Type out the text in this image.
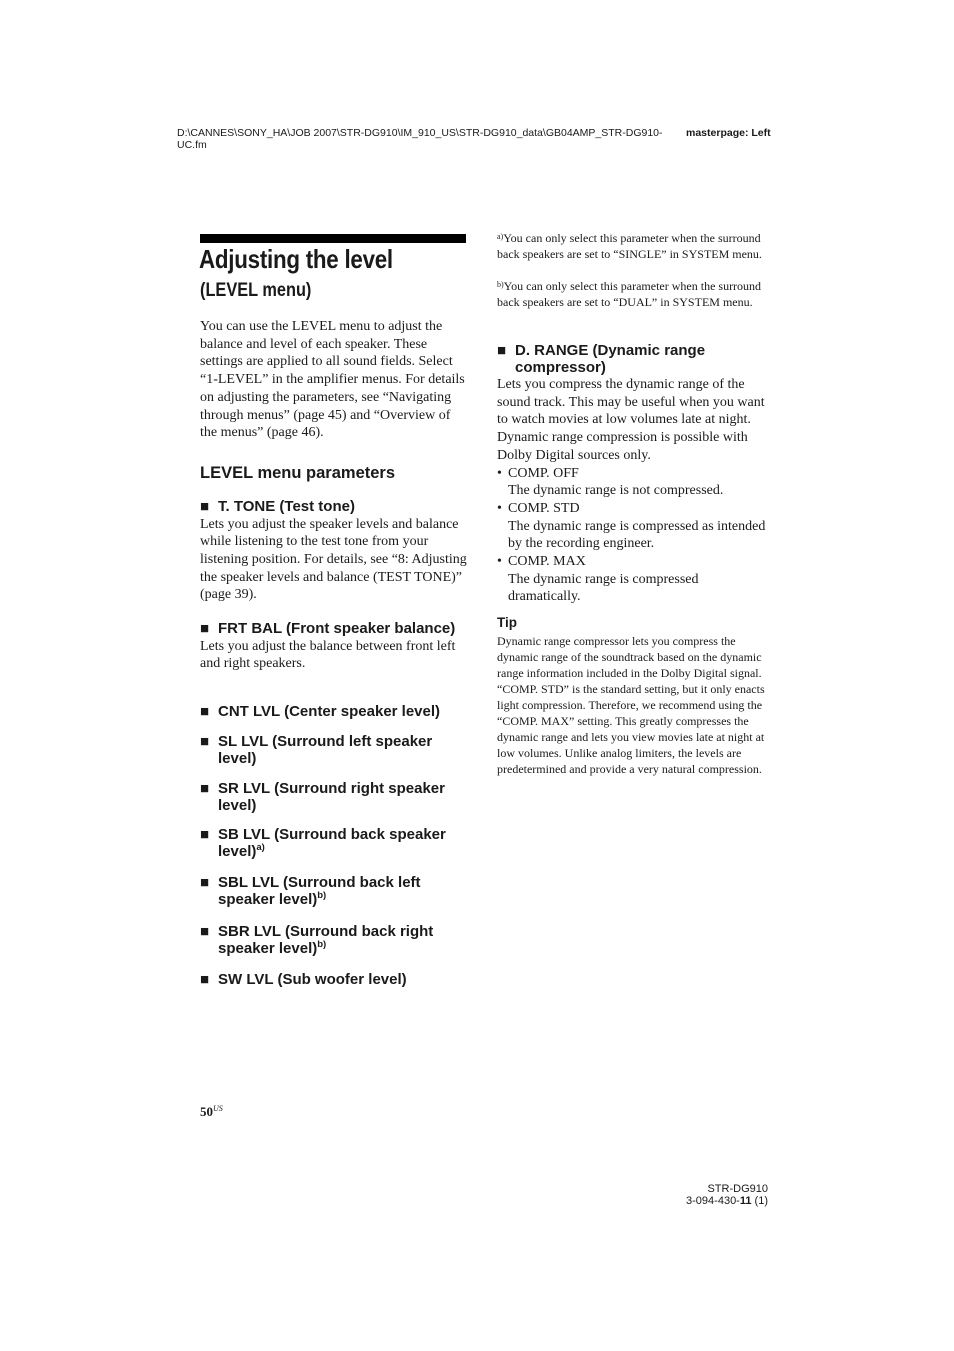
D:\CANNES\SONY_HA\JOB 2007\STR-DG910\IM_910_US\STR-DG910_data\GB04AMP_STR-DG910-UC.fm
masterpage: Left
Adjusting the level
(LEVEL menu)
You can use the LEVEL menu to adjust the balance and level of each speaker. These settings are applied to all sound fields. Select “1-LEVEL” in the amplifier menus. For details on adjusting the parameters, see “Navigating through menus” (page 45) and “Overview of the menus” (page 46).
LEVEL menu parameters
■ T. TONE (Test tone)
Lets you adjust the speaker levels and balance while listening to the test tone from your listening position. For details, see “8: Adjusting the speaker levels and balance (TEST TONE)” (page 39).
■ FRT BAL (Front speaker balance)
Lets you adjust the balance between front left and right speakers.
■ CNT LVL (Center speaker level)
■ SL LVL (Surround left speaker level)
■ SR LVL (Surround right speaker level)
■ SB LVL (Surround back speaker level)$^{a)}$
■ SBL LVL (Surround back left speaker level)$^{b)}$
■ SBR LVL (Surround back right speaker level)$^{b)}$
■ SW LVL (Sub woofer level)
$^{a)}$You can only select this parameter when the surround back speakers are set to “SINGLE” in SYSTEM menu.
$^{b)}$You can only select this parameter when the surround back speakers are set to “DUAL” in SYSTEM menu.
■ D. RANGE (Dynamic range compressor)
Lets you compress the dynamic range of the sound track. This may be useful when you want to watch movies at low volumes late at night. Dynamic range compression is possible with Dolby Digital sources only.
• COMP. OFF
The dynamic range is not compressed.
• COMP. STD
The dynamic range is compressed as intended by the recording engineer.
• COMP. MAX
The dynamic range is compressed dramatically.
Tip
Dynamic range compressor lets you compress the dynamic range of the soundtrack based on the dynamic range information included in the Dolby Digital signal.
“COMP. STD” is the standard setting, but it only enacts light compression. Therefore, we recommend using the “COMP. MAX” setting. This greatly compresses the dynamic range and lets you view movies late at night at low volumes. Unlike analog limiters, the levels are predetermined and provide a very natural compression.
$50^{US}$
STR-DG910
3-094-430-11 (1)
